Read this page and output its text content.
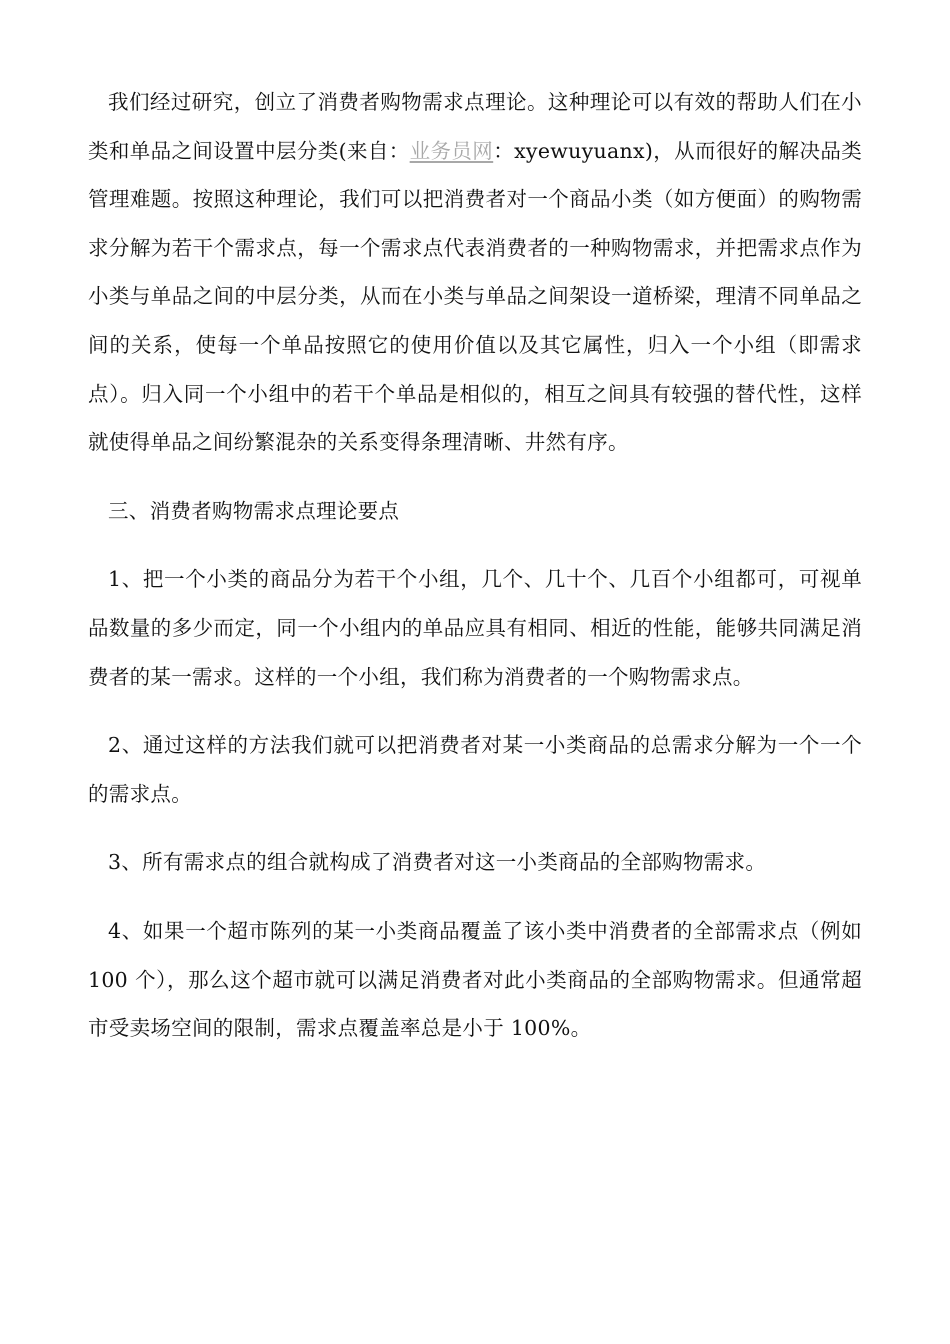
我们经过研究，创立了消费者购物需求点理论。这种理论可以有效的帮助人们在小类和单品之间设置中层分类(来自：业务员网：xyewuyuanx)，从而很好的解决品类管理难题。按照这种理论，我们可以把消费者对一个商品小类（如方便面）的购物需求分解为若干个需求点，每一个需求点代表消费者的一种购物需求，并把需求点作为小类与单品之间的中层分类，从而在小类与单品之间架设一道桥梁，理清不同单品之间的关系，使每一个单品按照它的使用价值以及其它属性，归入一个小组（即需求点）。归入同一个小组中的若干个单品是相似的，相互之间具有较强的替代性，这样就使得单品之间纷繁混杂的关系变得条理清晰、井然有序。

三、消费者购物需求点理论要点

1、把一个小类的商品分为若干个小组，几个、几十个、几百个小组都可，可视单品数量的多少而定，同一个小组内的单品应具有相同、相近的性能，能够共同满足消费者的某一需求。这样的一个小组，我们称为消费者的一个购物需求点。

2、通过这样的方法我们就可以把消费者对某一小类商品的总需求分解为一个一个的需求点。

3、所有需求点的组合就构成了消费者对这一小类商品的全部购物需求。

4、如果一个超市陈列的某一小类商品覆盖了该小类中消费者的全部需求点（例如 100 个），那么这个超市就可以满足消费者对此小类商品的全部购物需求。但通常超市受卖场空间的限制，需求点覆盖率总是小于 100%。
